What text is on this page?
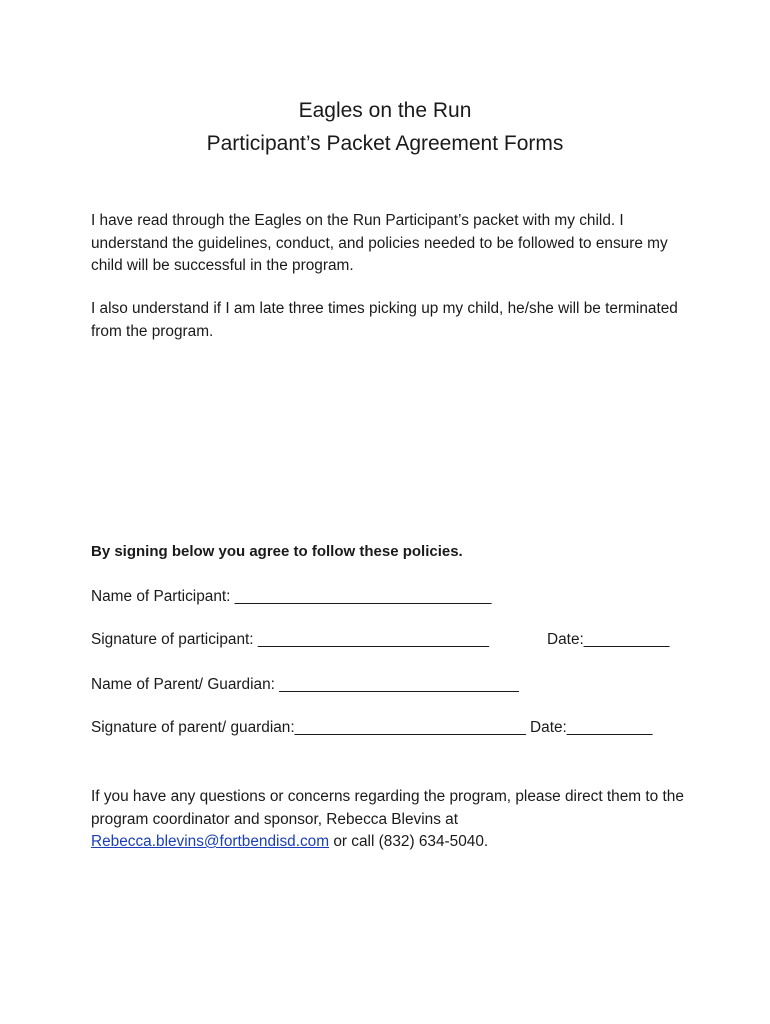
Eagles on the Run
Participant’s Packet Agreement Forms
I have read through the Eagles on the Run Participant’s packet with my child. I understand the guidelines, conduct, and policies needed to be followed to ensure my child will be successful in the program.
I also understand if I am late three times picking up my child, he/she will be terminated from the program.
By signing below you agree to follow these policies.
Name of Participant: ______________________________
Signature of participant: ___________________________	Date:__________
Name of Parent/ Guardian: ____________________________
Signature of parent/ guardian:___________________________ Date:__________
If you have any questions or concerns regarding the program, please direct them to the program coordinator and sponsor, Rebecca Blevins at Rebecca.blevins@fortbendisd.com or call (832) 634-5040.
